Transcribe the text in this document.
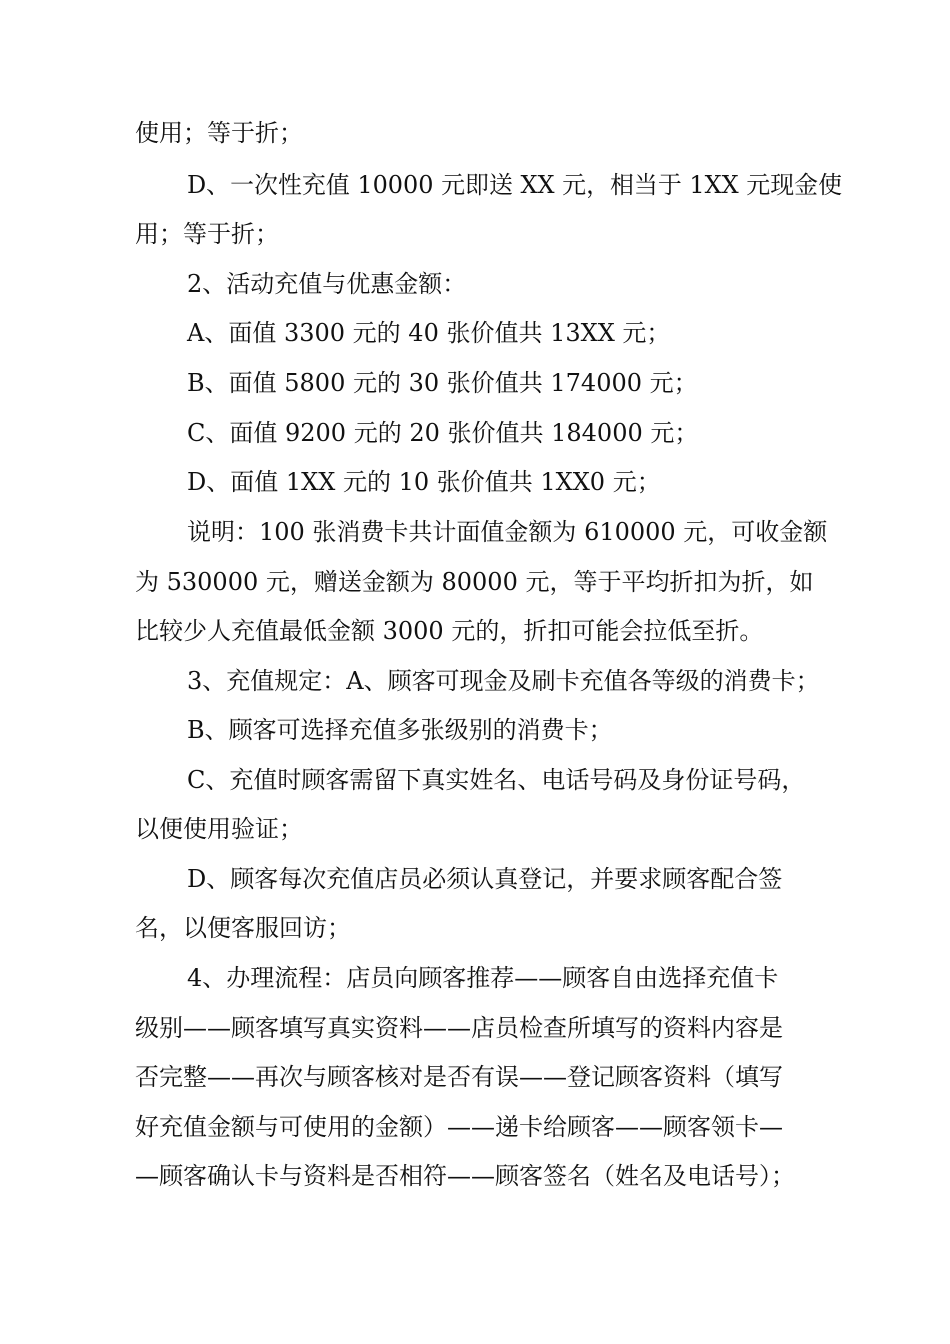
使用；等于折；

D、一次性充值 10000 元即送 XX 元，相当于 1XX 元现金使

用；等于折；

2、活动充值与优惠金额：

A、面值 3300 元的 40 张价值共 13XX 元；

B、面值 5800 元的 30 张价值共 174000 元；

C、面值 9200 元的 20 张价值共 184000 元；

D、面值 1XX 元的 10 张价值共 1XX0 元；

说明：100 张消费卡共计面值金额为 610000 元，可收金额

为 530000 元，赠送金额为 80000 元，等于平均折扣为折，如

比较少人充值最低金额 3000 元的，折扣可能会拉低至折。

3、充值规定：A、顾客可现金及刷卡充值各等级的消费卡；

B、顾客可选择充值多张级别的消费卡；

C、充值时顾客需留下真实姓名、电话号码及身份证号码，

以便使用验证；

D、顾客每次充值店员必须认真登记，并要求顾客配合签

名，以便客服回访；

4、办理流程：店员向顾客推荐——顾客自由选择充值卡

级别——顾客填写真实资料——店员检查所填写的资料内容是

否完整——再次与顾客核对是否有误——登记顾客资料（填写

好充值金额与可使用的金额）——递卡给顾客——顾客领卡—

—顾客确认卡与资料是否相符——顾客签名（姓名及电话号）；
